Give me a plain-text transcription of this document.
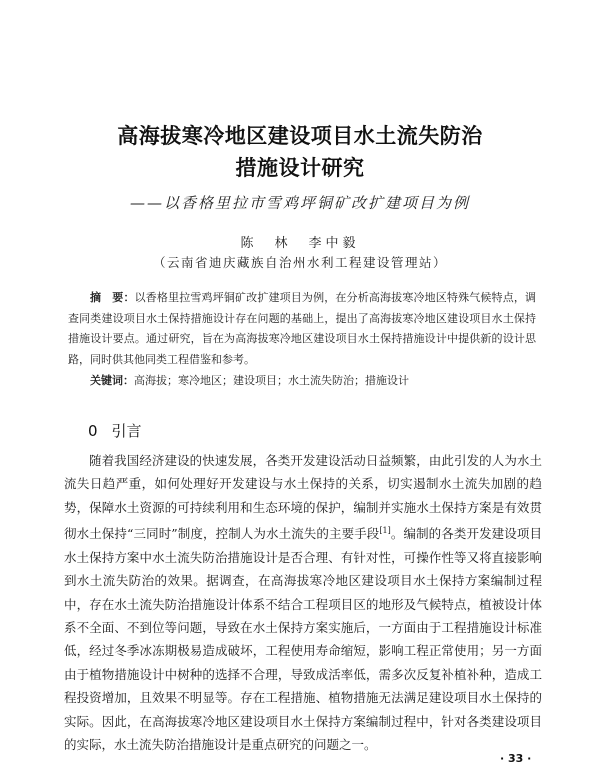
高海拔寒冷地区建设项目水土流失防治
措施设计研究
——以香格里拉市雪鸡坪铜矿改扩建项目为例
陈　林　李中毅
（云南省迪庆藏族自治州水利工程建设管理站）
摘　要：以香格里拉雪鸡坪铜矿改扩建项目为例，在分析高海拔寒冷地区特殊气候特点，调查同类建设项目水土保持措施设计存在问题的基础上，提出了高海拔寒冷地区建设项目水土保持措施设计要点。通过研究，旨在为高海拔寒冷地区建设项目水土保持措施设计中提供新的设计思路，同时供其他同类工程借鉴和参考。
关键词：高海拔；寒冷地区；建设项目；水土流失防治；措施设计
0 引言
随着我国经济建设的快速发展，各类开发建设活动日益频繁，由此引发的人为水土流失日趋严重，如何处理好开发建设与水土保持的关系，切实遏制水土流失加剧的趋势，保障水土资源的可持续利用和生态环境的保护，编制并实施水土保持方案是有效贯彻水土保持“三同时”制度，控制人为水土流失的主要手段[1]。编制的各类开发建设项目水土保持方案中水土流失防治措施设计是否合理、有针对性，可操作性等又将直接影响到水土流失防治的效果。据调查，在高海拔寒冷地区建设项目水土保持方案编制过程中，存在水土流失防治措施设计体系不结合工程项目区的地形及气候特点，植被设计体系不全面、不到位等问题，导致在水土保持方案实施后，一方面由于工程措施设计标准低，经过冬季冰冻期极易造成破坏，工程使用寿命缩短，影响工程正常使用；另一方面由于植物措施设计中树种的选择不合理，导致成活率低，需多次反复补植补种，造成工程投资增加，且效果不明显等。存在工程措施、植物措施无法满足建设项目水土保持的实际。因此，在高海拔寒冷地区建设项目水土保持方案编制过程中，针对各类建设项目的实际，水土流失防治措施设计是重点研究的问题之一。
· 33 ·
